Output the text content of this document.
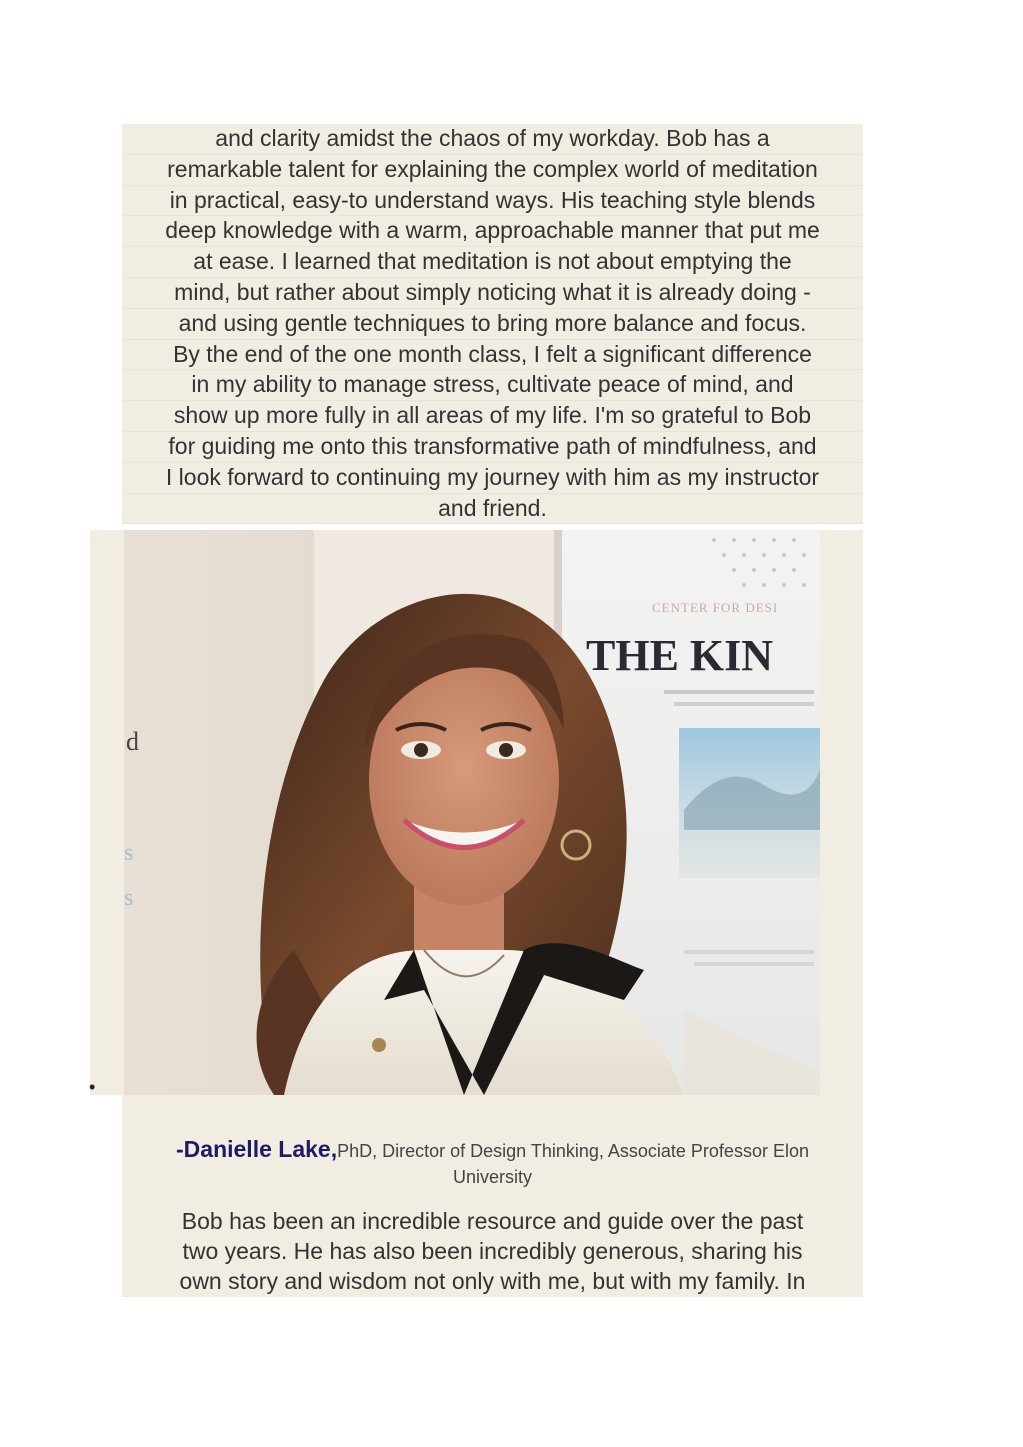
and clarity amidst the chaos of my workday. Bob has a
remarkable talent for explaining the complex world of meditation
in practical, easy-to understand ways. His teaching style blends
deep knowledge with a warm, approachable manner that put me
at ease. I learned that meditation is not about emptying the
mind, but rather about simply noticing what it is already doing -
and using gentle techniques to bring more balance and focus.
By the end of the one month class, I felt a significant difference
in my ability to manage stress, cultivate peace of mind, and
show up more fully in all areas of my life. I'm so grateful to Bob
for guiding me onto this transformative path of mindfulness, and
I look forward to continuing my journey with him as my instructor
and friend.
CENTER FOR DESI
THE KIN
d
s
s
•
-Danielle Lake,PhD, Director of Design Thinking, Associate Professor Elon
University
Bob has been an incredible resource and guide over the past
two years. He has also been incredibly generous, sharing his
own story and wisdom not only with me, but with my family. In
